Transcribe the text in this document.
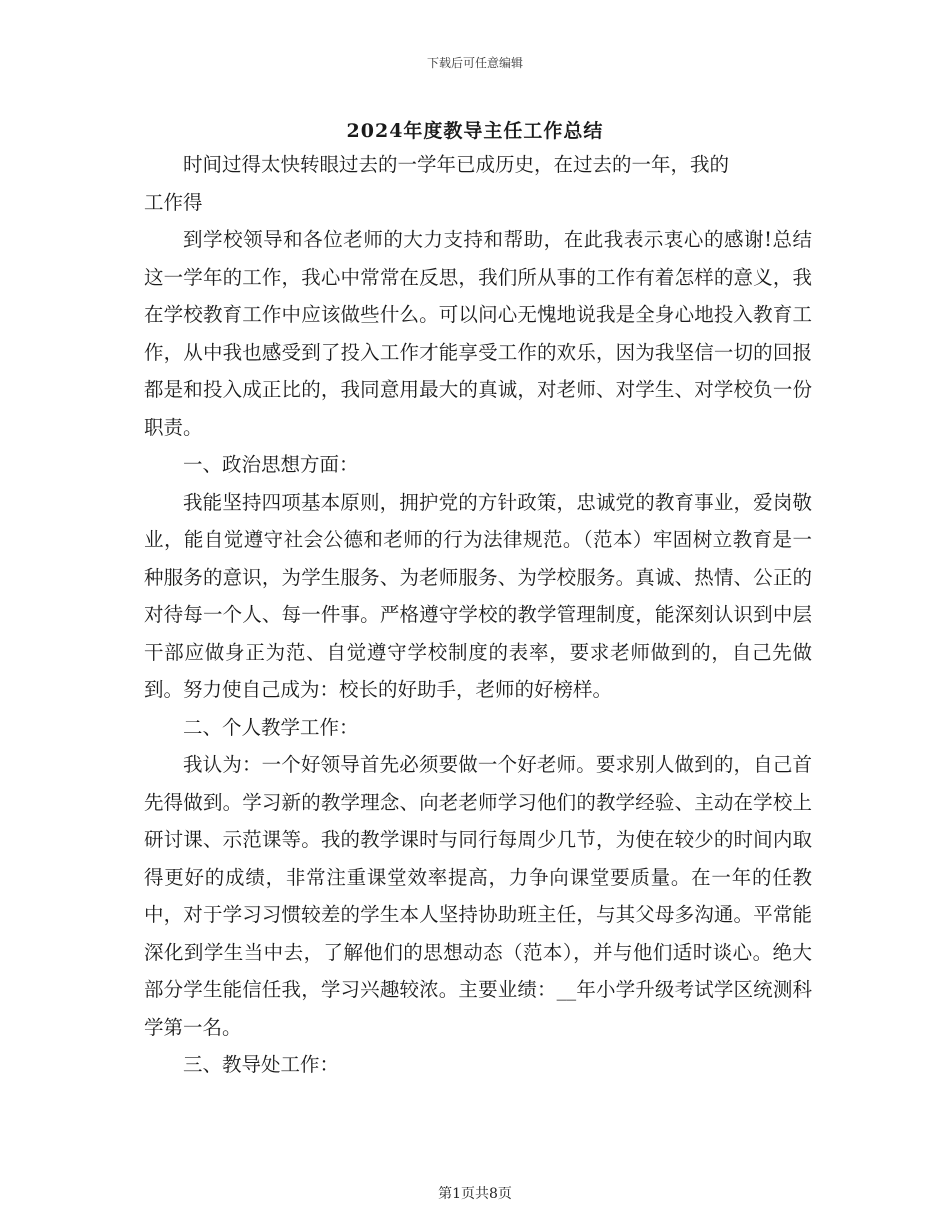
下载后可任意编辑
2024年度教导主任工作总结

时间过得太快转眼过去的一学年已成历史，在过去的一年，我的

工作得

到学校领导和各位老师的大力支持和帮助，在此我表示衷心的感谢!总结这一学年的工作，我心中常常在反思，我们所从事的工作有着怎样的意义，我在学校教育工作中应该做些什么。可以问心无愧地说我是全身心地投入教育工作，从中我也感受到了投入工作才能享受工作的欢乐，因为我坚信一切的回报都是和投入成正比的，我同意用最大的真诚，对老师、对学生、对学校负一份职责。

一、政治思想方面：

我能坚持四项基本原则，拥护党的方针政策，忠诚党的教育事业，爱岗敬业，能自觉遵守社会公德和老师的行为法律规范。（范本）牢固树立教育是一种服务的意识，为学生服务、为老师服务、为学校服务。真诚、热情、公正的对待每一个人、每一件事。严格遵守学校的教学管理制度，能深刻认识到中层干部应做身正为范、自觉遵守学校制度的表率，要求老师做到的，自己先做到。努力使自己成为：校长的好助手，老师的好榜样。

二、个人教学工作：

我认为：一个好领导首先必须要做一个好老师。要求别人做到的，自己首先得做到。学习新的教学理念、向老老师学习他们的教学经验、主动在学校上研讨课、示范课等。我的教学课时与同行每周少几节，为使在较少的时间内取得更好的成绩，非常注重课堂效率提高，力争向课堂要质量。在一年的任教中，对于学习习惯较差的学生本人坚持协助班主任，与其父母多沟通。平常能深化到学生当中去，了解他们的思想动态（范本），并与他们适时谈心。绝大部分学生能信任我，学习兴趣较浓。主要业绩：__年小学升级考试学区统测科学第一名。

三、教导处工作：

第1页共8页
